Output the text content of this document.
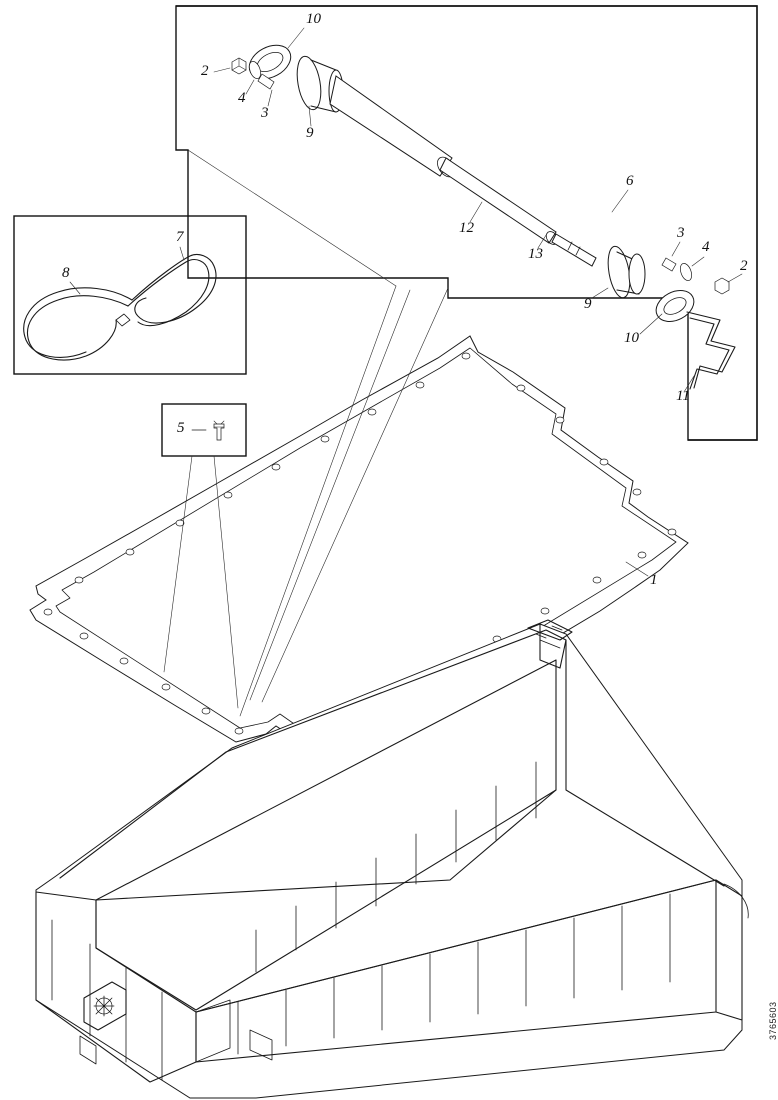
10
2
4
3
9
6
12
13
3
4
2
9
10
11
7
8
5
1
3765603
